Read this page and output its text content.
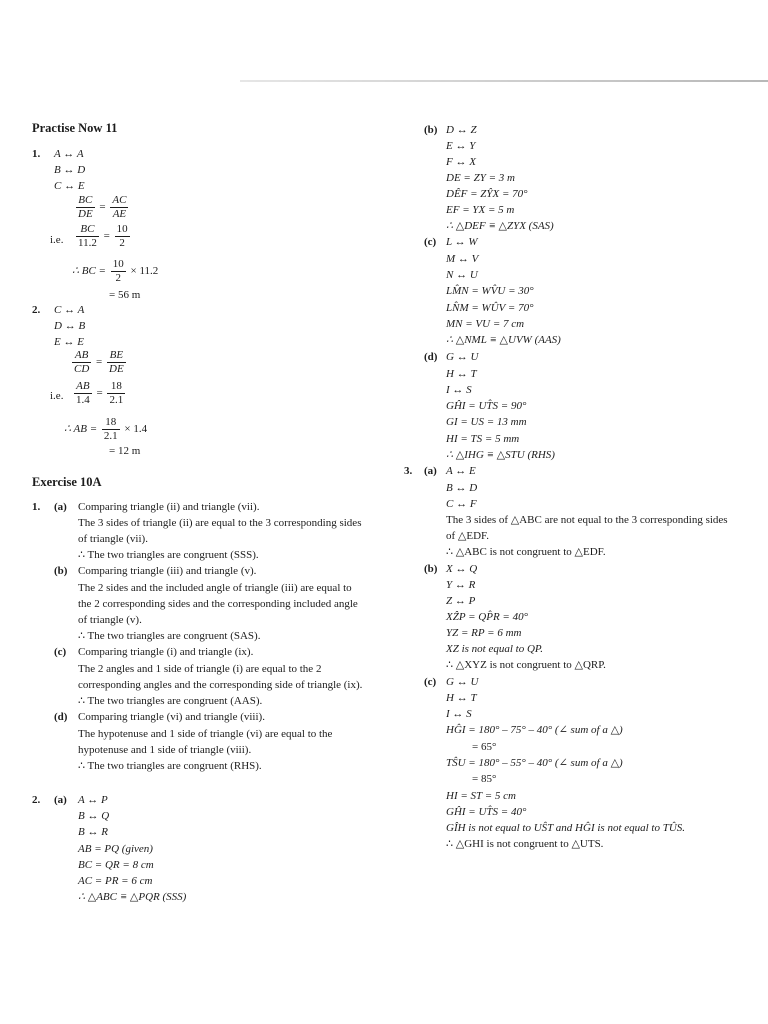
Practise Now 11
1. A ↔ A
B ↔ D
C ↔ E
$\frac{BC}{DE} = \frac{AC}{AE}$
i.e. $\frac{BC}{11.2} = \frac{10}{2}$
∴ BC = $\frac{10}{2} \times 11.2$
= 56 m
2. C ↔ A
D ↔ B
E ↔ E
$\frac{AB}{CD} = \frac{BE}{DE}$
i.e. $\frac{AB}{1.4} = \frac{18}{2.1}$
∴ AB = $\frac{18}{2.1} \times 1.4$
= 12 m
Exercise 10A
1. (a) Comparing triangle (ii) and triangle (vii).
The 3 sides of triangle (ii) are equal to the 3 corresponding sides
of triangle (vii).
∴ The two triangles are congruent (SSS).
(b) Comparing triangle (iii) and triangle (v).
The 2 sides and the included angle of triangle (iii) are equal to
the 2 corresponding sides and the corresponding included angle
of triangle (v).
∴ The two triangles are congruent (SAS).
(c) Comparing triangle (i) and triangle (ix).
The 2 angles and 1 side of triangle (i) are equal to the 2
corresponding angles and the corresponding side of triangle (ix).
∴ The two triangles are congruent (AAS).
(d) Comparing triangle (vi) and triangle (viii).
The hypotenuse and 1 side of triangle (vi) are equal to the
hypotenuse and 1 side of triangle (viii).
∴ The two triangles are congruent (RHS).
2. (a) A ↔ P
B ↔ Q
B ↔ R
AB = PQ (given)
BC = QR = 8 cm
AC = PR = 6 cm
∴ △ABC ≡ △PQR (SSS)
(b) D ↔ Z
E ↔ Y
F ↔ X
DE = ZY = 3 m
DÊF = ZŶX = 70°
EF = YX = 5 m
∴ △DEF ≡ △ZYX (SAS)
(c) L ↔ W
M ↔ V
N ↔ U
LM̂N = WV̂U = 30°
LN̂M = WÛV = 70°
MN = VU = 7 cm
∴ △NML ≡ △UVW (AAS)
(d) G ↔ U
H ↔ T
I ↔ S
GĤI = UT̂S = 90°
GI = US = 13 mm
HI = TS = 5 mm
∴ △IHG ≡ △STU (RHS)
3. (a) A ↔ E
B ↔ D
C ↔ F
The 3 sides of △ABC are not equal to the 3 corresponding sides
of △EDF.
∴ △ABC is not congruent to △EDF.
(b) X ↔ Q
Y ↔ R
Z ↔ P
XẐP = QP̂R = 40°
YZ = RP = 6 mm
XZ is not equal to QP.
∴ △XYZ is not congruent to △QRP.
(c) G ↔ U
H ↔ T
I ↔ S
HĜI = 180° – 75° – 40° (∠ sum of a △)
= 65°
TŜU = 180° – 55° – 40° (∠ sum of a △)
= 85°
HI = ST = 5 cm
GĤI = UT̂S = 40°
GÎH is not equal to UŜT and HĜI is not equal to TÛS.
∴ △GHI is not congruent to △UTS.
